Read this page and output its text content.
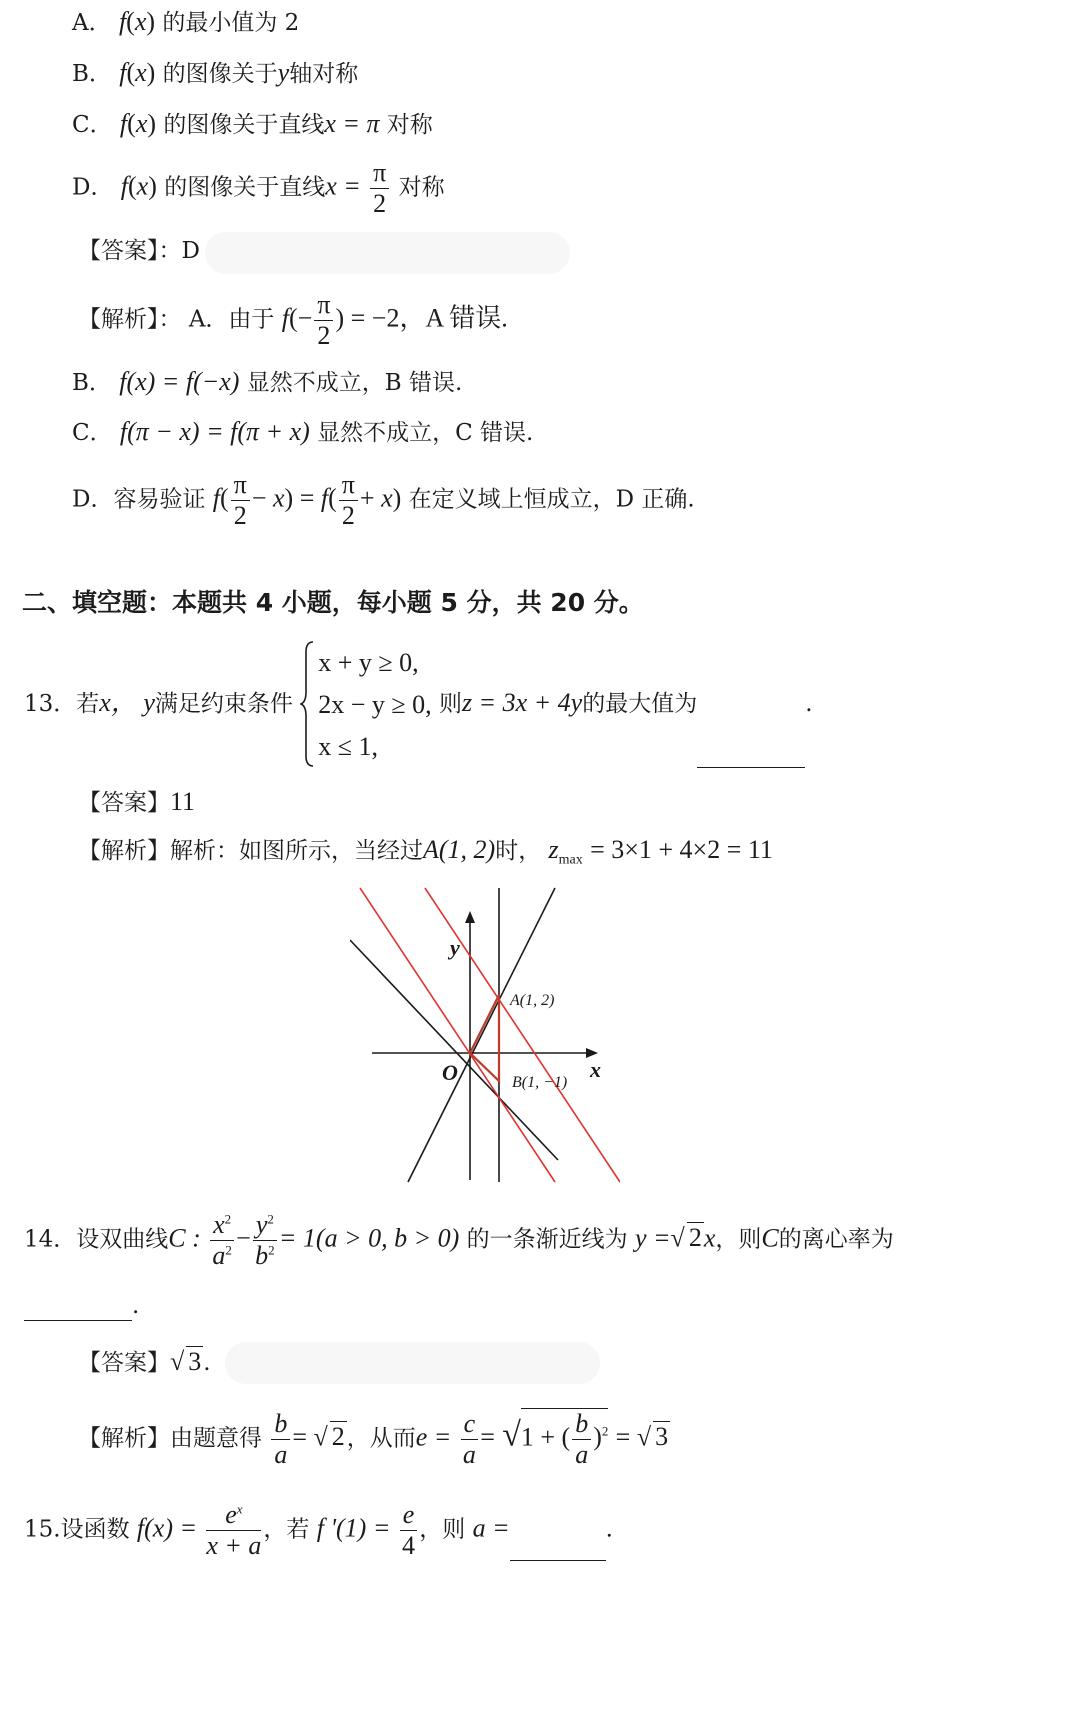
A． f(x) 的最小值为 2
B． f(x) 的图像关于y轴对称
C． f(x) 的图像关于直线x = π 对称
D． f(x) 的图像关于直线$x = \frac{\pi}{2}$ 对称
【答案】：D
【解析】： A．由于 $f(- \frac{\pi}{2}$ ) = −2，A 错误.
B． f(x) = f(−x) 显然不成立，B 错误.
C． f(π − x) = f(π + x) 显然不成立，C 错误.
D．容易验证 $f( \frac{\pi}{2} - x) = f( \frac{\pi}{2} + x)$ 在定义域上恒成立，D 正确.
二、填空题：本题共 4 小题，每小题 5 分，共 20 分。
13．若x， y满足约束条件
x + y ≥ 0,
2x − y ≥ 0,
x ≤ 1,
则z = 3x + 4y的最大值为	.
【答案】11
【解析】解析：如图所示，当经过A(1, 2)时， $z_{max} = 3\times 1 + 4\times 2 = 11$
y
x
O
A(1, 2)
B(1, −1)
14．设双曲线C : $\frac{x^2}{a^2} - \frac{y^2}{b^2} = 1(a > 0$, b > 0) 的一条渐近线为 y =√ 2x，则C的离心率为
.
【答案】√ 3.
【解析】由题意得 $\frac{b}{a}$ = √ 2，从而$e = \frac{c}{a} = √1$ + ( $\frac{b}{a} )^2$ = √ 3
15.设函数 $f(x) = \frac{e^x}{x + a}$ ，若 f '$(1) = \frac{e}{4}$ ，则 a =	.
